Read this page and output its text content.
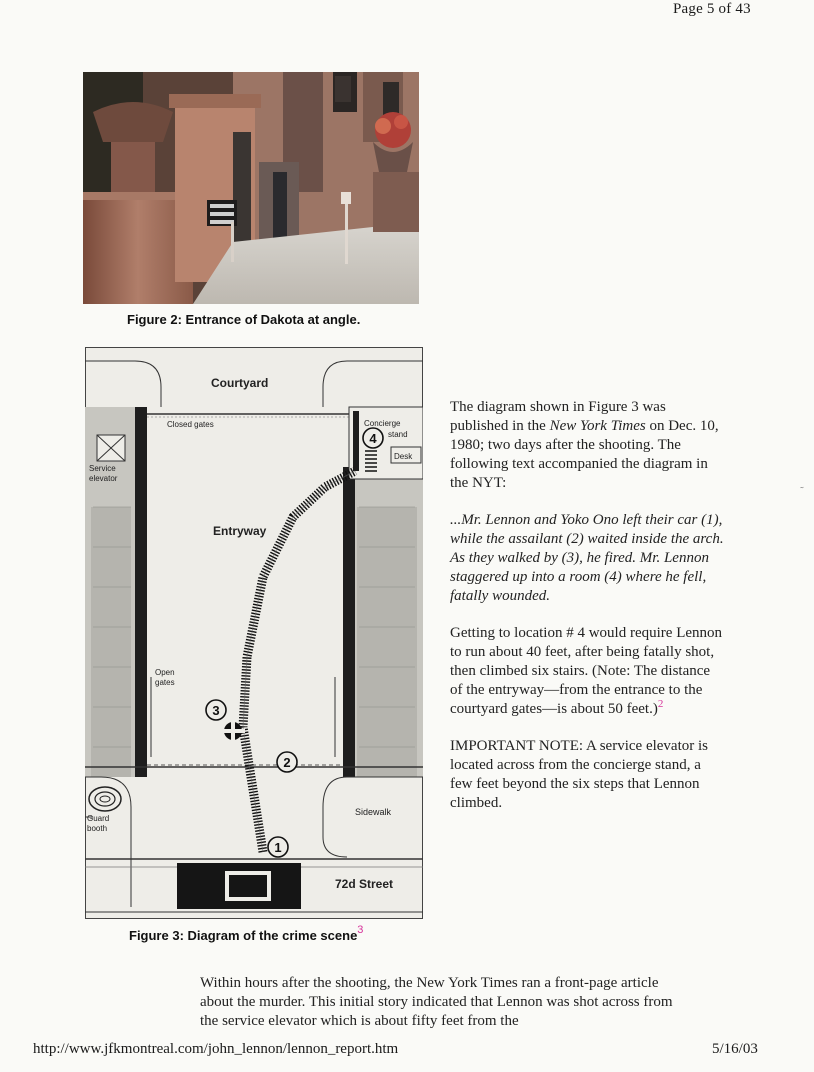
Page 5 of 43
Figure 2: Entrance of Dakota at angle.
1
2
3
4
Courtyard
Closed gates	Concierge
stand
Desk
Service
elevator
Entryway
Open
gates
Guard
booth
Sidewalk
72d Street
Figure 3: Diagram of the crime scene$^3$

The diagram shown in Figure 3 was published in the New York Times on Dec. 10, 1980; two days after the shooting. The following text accompanied the diagram in the NYT:

...Mr. Lennon and Yoko Ono left their car (1), while the assailant (2) waited inside the arch. As they walked by (3), he fired. Mr. Lennon staggered up into a room (4) where he fell, fatally wounded.

Getting to location # 4 would require Lennon to run about 40 feet, after being fatally shot, then climbed six stairs. (Note: The distance of the entryway—from the entrance to the courtyard gates—is about 50 feet.)$^2$

IMPORTANT NOTE: A service elevator is located across from the concierge stand, a few feet beyond the six steps that Lennon climbed.

˜
Within hours after the shooting, the New York Times ran a front-page article about the murder. This initial story indicated that Lennon was shot across from the service elevator which is about fifty feet from the
http://www.jfkmontreal.com/john_lennon/lennon_report.htm	5/16/03
